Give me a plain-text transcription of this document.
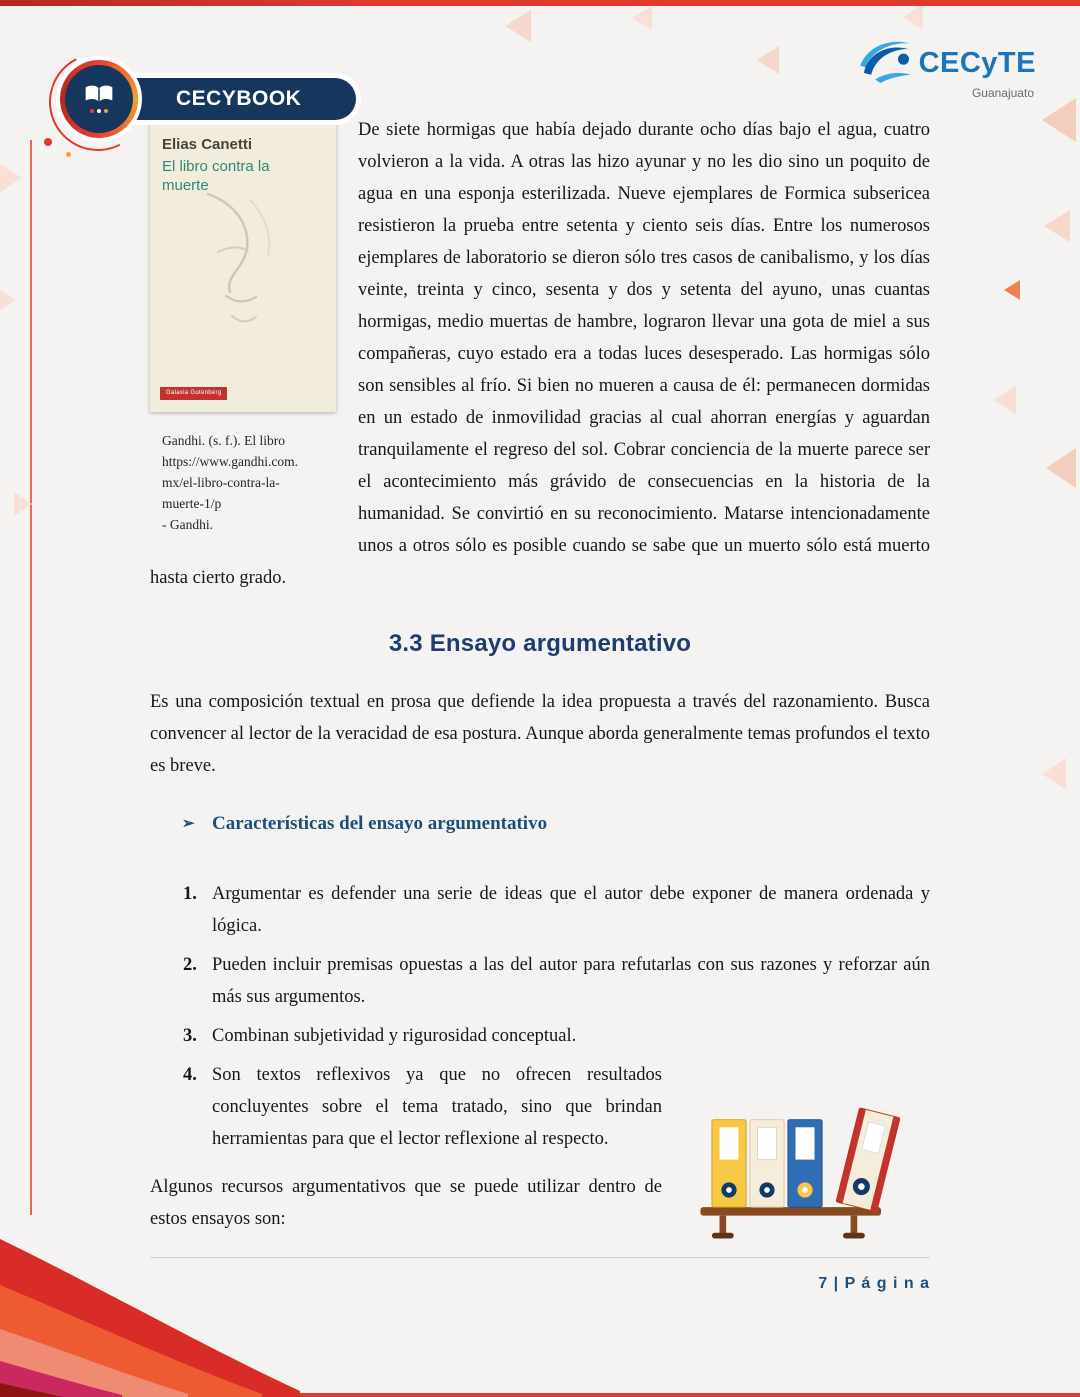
CECYBOOK
CECyTE
Guanajuato
Elias Canetti
El libro contra la muerte
Galaxia Gutenberg
Gandhi. (s. f.). El libro
https://www.gandhi.com.
mx/el-libro-contra-la-
muerte-1/p
- Gandhi.

De siete hormigas que había dejado durante ocho días bajo el agua, cuatro volvieron a la vida. A otras las hizo ayunar y no les dio sino un poquito de agua en una esponja esterilizada. Nueve ejemplares de Formica subsericea resistieron la prueba entre setenta y ciento seis días. Entre los numerosos ejemplares de laboratorio se dieron sólo tres casos de canibalismo, y los días veinte, treinta y cinco, sesenta y dos y setenta del ayuno, unas cuantas hormigas, medio muertas de hambre, lograron llevar una gota de miel a sus compañeras, cuyo estado era a todas luces desesperado. Las hormigas sólo son sensibles al frío. Si bien no mueren a causa de él: permanecen dormidas en un estado de inmovilidad gracias al cual ahorran energías y aguardan tranquilamente el regreso del sol. Cobrar conciencia de la muerte parece ser el acontecimiento más grávido de consecuencias en la historia de la humanidad. Se convirtió en su reconocimiento. Matarse intencionadamente unos a otros sólo es posible cuando se sabe que un muerto sólo está muerto hasta cierto grado.

3.3 Ensayo argumentativo

Es una composición textual en prosa que defiende la idea propuesta a través del razonamiento. Busca convencer al lector de la veracidad de esa postura. Aunque aborda generalmente temas profundos el texto es breve.

➢ Características del ensayo argumentativo
1. Argumentar es defender una serie de ideas que el autor debe exponer de manera ordenada y lógica.
2. Pueden incluir premisas opuestas a las del autor para refutarlas con sus razones y reforzar aún más sus argumentos.
3. Combinan subjetividad y rigurosidad conceptual.
4. Son textos reflexivos ya que no ofrecen resultados concluyentes sobre el tema tratado, sino que brindan herramientas para que el lector reflexione al respecto.

Algunos recursos argumentativos que se puede utilizar dentro de estos ensayos son:

7 | P á g i n a
